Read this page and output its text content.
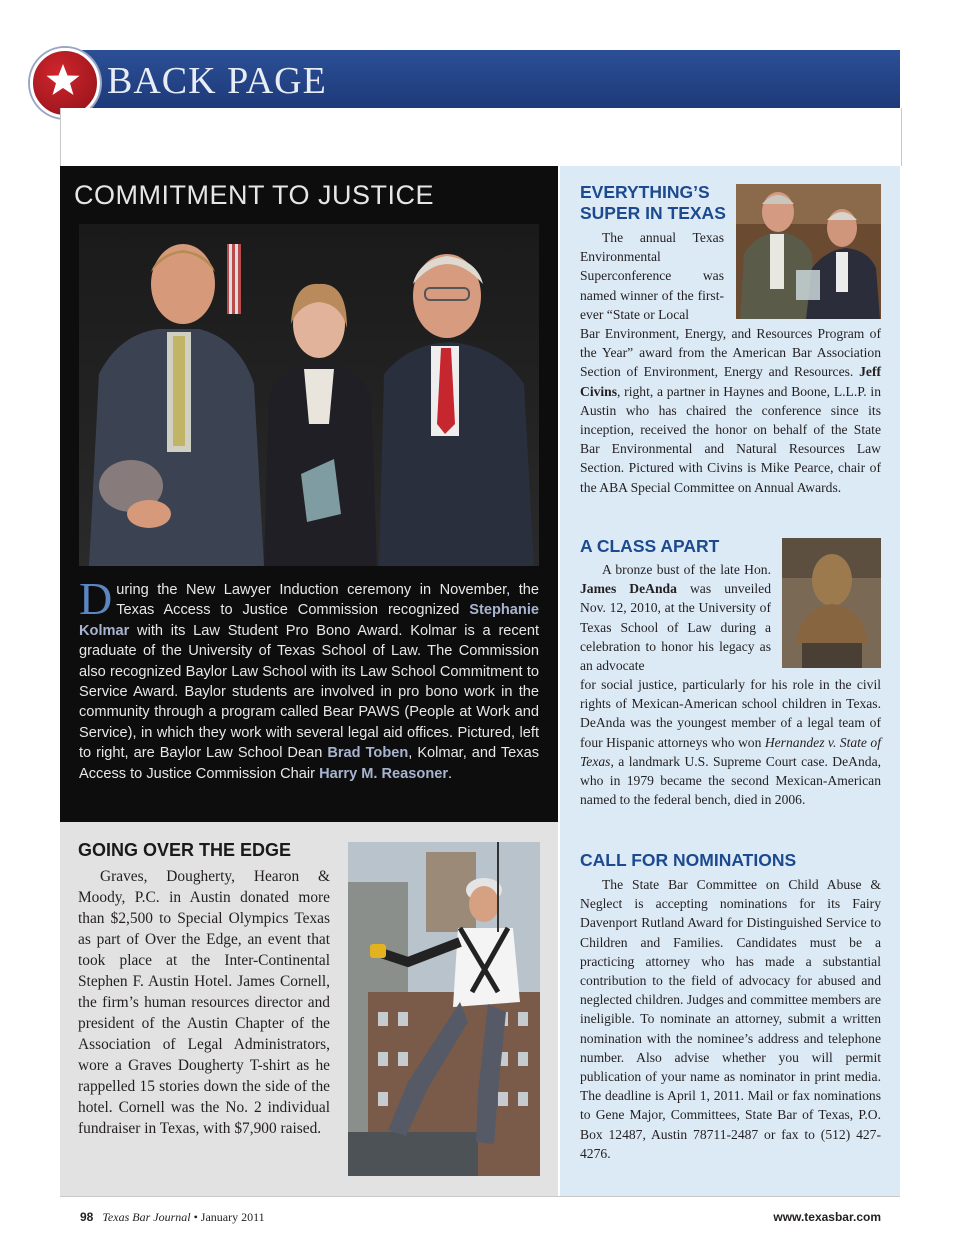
BACK PAGE
COMMITMENT TO JUSTICE
During the New Lawyer Induction ceremony in November, the Texas Access to Justice Commission recognized Stephanie Kolmar with its Law Student Pro Bono Award. Kolmar is a recent graduate of the University of Texas School of Law. The Commission also recognized Baylor Law School with its Law School Commitment to Service Award. Baylor students are involved in pro bono work in the community through a program called Bear PAWS (People at Work and Service), in which they work with several legal aid offices. Pictured, left to right, are Baylor Law School Dean Brad Toben, Kolmar, and Texas Access to Justice Commission Chair Harry M. Reasoner.
GOING OVER THE EDGE
Graves, Dougherty, Hearon & Moody, P.C. in Austin donated more than $2,500 to Special Olympics Texas as part of Over the Edge, an event that took place at the Inter-Continental Stephen F. Austin Hotel. James Cornell, the firm’s human resources director and president of the Austin Chapter of the Association of Legal Administrators, wore a Graves Dougherty T-shirt as he rappelled 15 stories down the side of the hotel. Cornell was the No. 2 individual fundraiser in Texas, with $7,900 raised.
EVERYTHING’S
SUPER IN TEXAS

The annual Texas Environmental Superconference was named winner of the first-ever “State or Local

Bar Environment, Energy, and Resources Program of the Year” award from the American Bar Association Section of Environment, Energy and Resources. Jeff Civins, right, a partner in Haynes and Boone, L.L.P. in Austin who has chaired the conference since its inception, received the honor on behalf of the State Bar Environmental and Natural Resources Law Section. Pictured with Civins is Mike Pearce, chair of the ABA Special Committee on Annual Awards.
A CLASS APART

A bronze bust of the late Hon. James DeAnda was unveiled Nov. 12, 2010, at the University of Texas School of Law during a celebration to honor his legacy as an advocate

for social justice, particularly for his role in the civil rights of Mexican-American school children in Texas. DeAnda was the youngest member of a legal team of four Hispanic attorneys who won Hernandez v. State of Texas, a landmark U.S. Supreme Court case. DeAnda, who in 1979 became the second Mexican-American named to the federal bench, died in 2006.
CALL FOR NOMINATIONS

The State Bar Committee on Child Abuse & Neglect is accepting nominations for its Fairy Davenport Rutland Award for Distinguished Service to Children and Families. Candidates must be a practicing attorney who has made a substantial contribution to the field of advocacy for abused and neglected children. Judges and committee members are ineligible. To nominate an attorney, submit a written nomination with the nominee’s address and telephone number. Also advise whether you will permit publication of your name as nominator in print media. The deadline is April 1, 2011. Mail or fax nominations to Gene Major, Committees, State Bar of Texas, P.O. Box 12487, Austin 78711-2487 or fax to (512) 427-4276.

98 Texas Bar Journal • January 2011	www.texasbar.com
